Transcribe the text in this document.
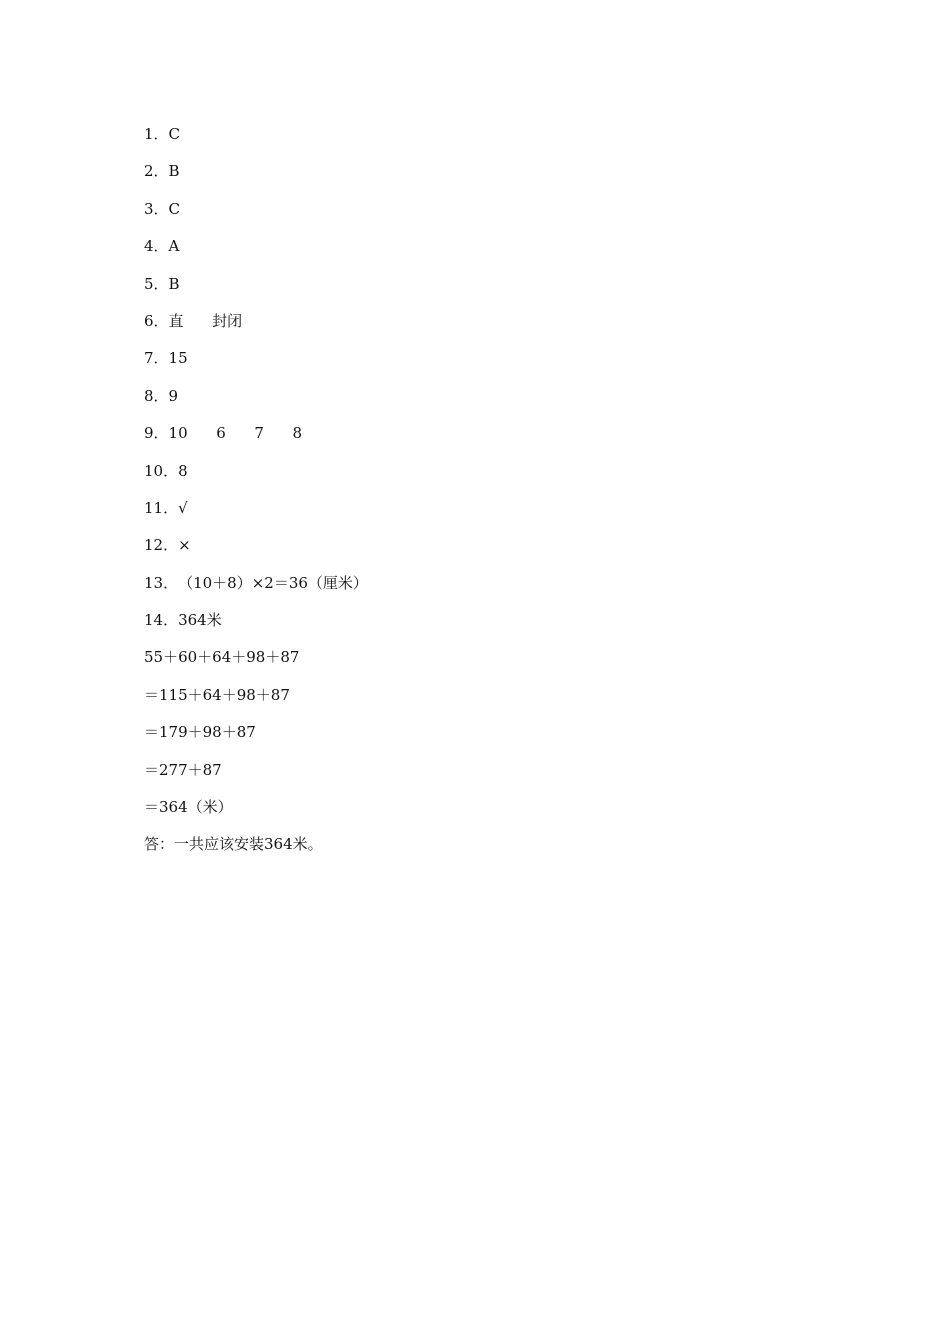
1．C
2．B
3．C
4．A
5．B
6．直      封闭
7．15
8．9
9．10      6      7      8
10．8
11．√
12．×
13．（10＋8）×2＝36（厘米）
14．364米
55＋60＋64＋98＋87
＝115＋64＋98＋87
＝179＋98＋87
＝277＋87
＝364（米）
答：一共应该安装364米。
